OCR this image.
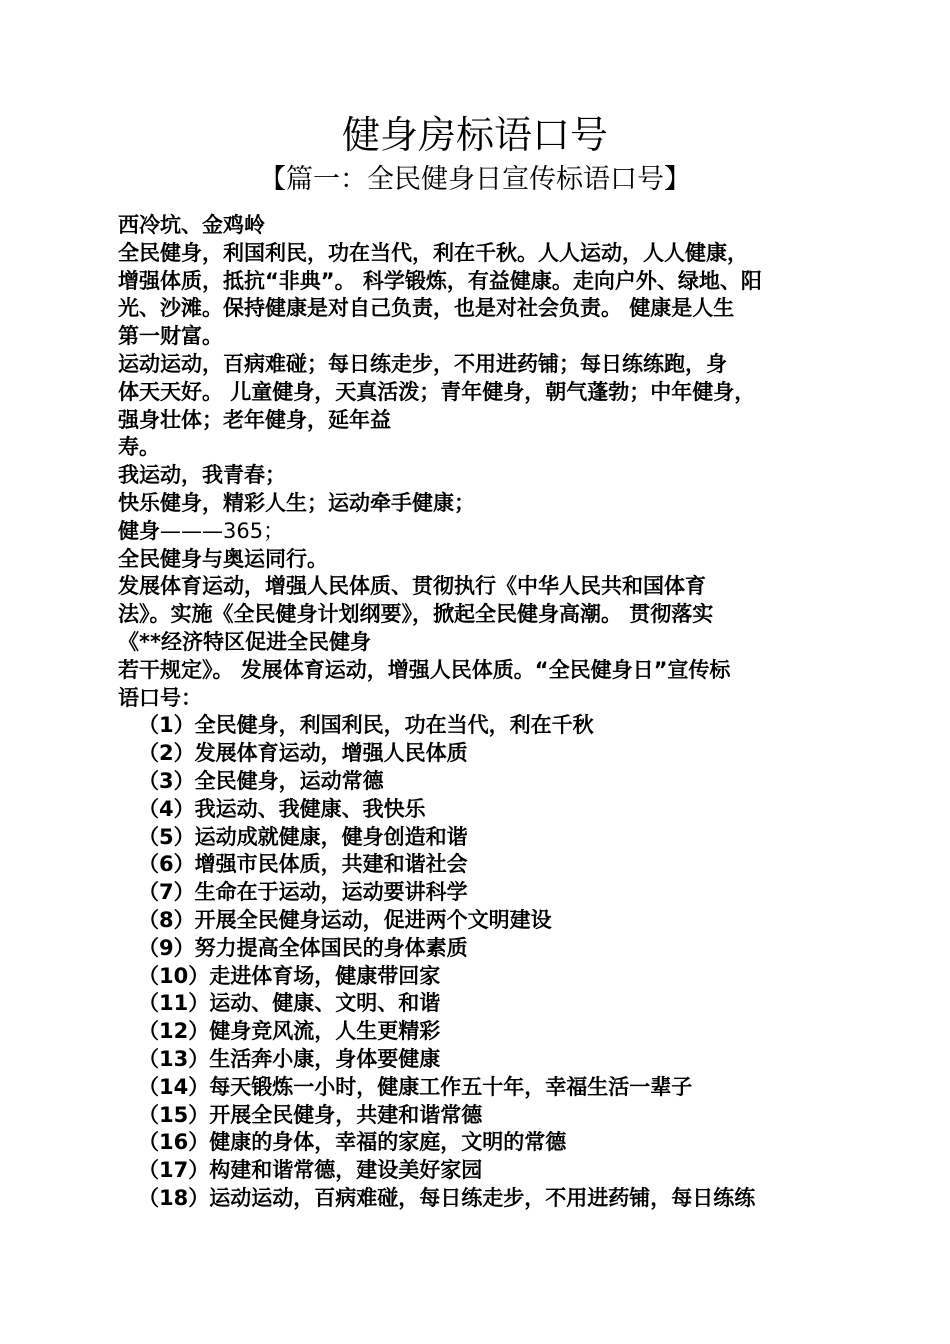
健身房标语口号
【篇一：全民健身日宣传标语口号】
西冷坑、金鸡岭
全民健身，利国利民，功在当代，利在千秋。人人运动，人人健康，
增强体质，抵抗“非典”。 科学锻炼，有益健康。走向户外、绿地、阳
光、沙滩。保持健康是对自己负责，也是对社会负责。 健康是人生
第一财富。
运动运动，百病难碰；每日练走步，不用进药铺；每日练练跑，身
体天天好。 儿童健身，天真活泼；青年健身，朝气蓬勃；中年健身，
强身壮体；老年健身，延年益
寿。
我运动，我青春；
快乐健身，精彩人生；运动牵手健康；
健身———365；
全民健身与奥运同行。
发展体育运动，增强人民体质、贯彻执行《中华人民共和国体育
法》。实施《全民健身计划纲要》，掀起全民健身高潮。 贯彻落实
《**经济特区促进全民健身
若干规定》。 发展体育运动，增强人民体质。“全民健身日”宣传标
语口号：
（1）全民健身，利国利民，功在当代，利在千秋
（2）发展体育运动，增强人民体质
（3）全民健身，运动常德
（4）我运动、我健康、我快乐
（5）运动成就健康，健身创造和谐
（6）增强市民体质，共建和谐社会
（7）生命在于运动，运动要讲科学
（8）开展全民健身运动，促进两个文明建设
（9）努力提高全体国民的身体素质
（10）走进体育场，健康带回家
（11）运动、健康、文明、和谐
（12）健身竞风流，人生更精彩
（13）生活奔小康，身体要健康
（14）每天锻炼一小时，健康工作五十年，幸福生活一辈子
（15）开展全民健身，共建和谐常德
（16）健康的身体，幸福的家庭，文明的常德
（17）构建和谐常德，建设美好家园
（18）运动运动，百病难碰，每日练走步，不用进药铺，每日练练
